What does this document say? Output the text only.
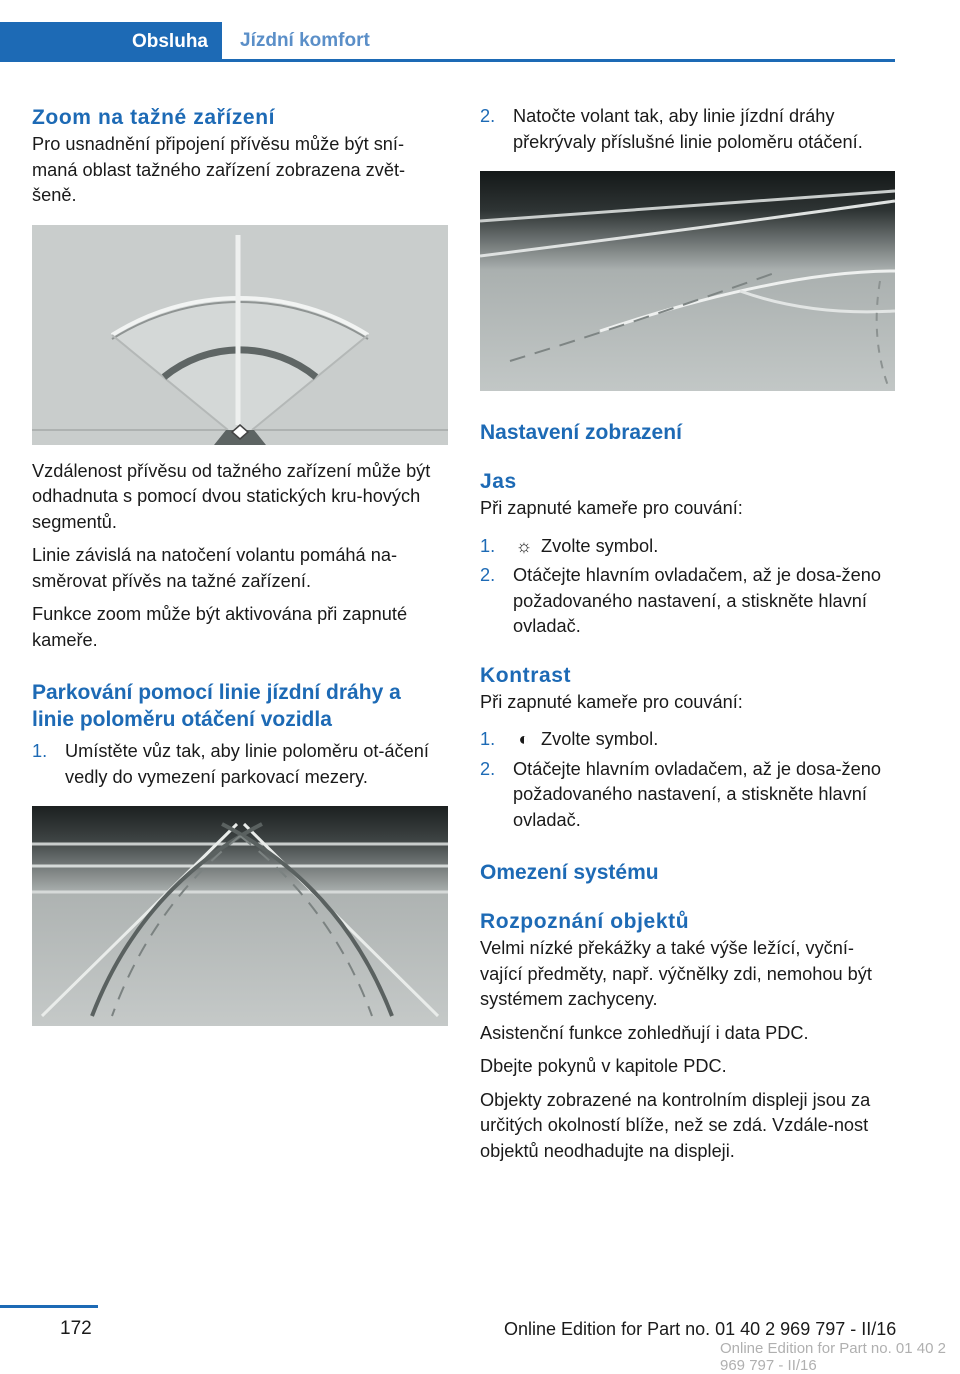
Obsluha	Jízdní komfort
Zoom na tažné zařízení

Pro usnadnění připojení přívěsu může být sní-maná oblast tažného zařízení zobrazena zvět-šeně.

Vzdálenost přívěsu od tažného zařízení může být odhadnuta s pomocí dvou statických kru-hových segmentů.

Linie závislá na natočení volantu pomáhá na-směrovat přívěs na tažné zařízení.

Funkce zoom může být aktivována při zapnuté kameře.

Parkování pomocí linie jízdní dráhy a linie poloměru otáčení vozidla
1. Umístěte vůz tak, aby linie poloměru ot-áčení vedly do vymezení parkovací mezery.
2. Natočte volant tak, aby linie jízdní dráhy překrývaly příslušné linie poloměru otáčení.
Nastavení zobrazení
Jas

Při zapnuté kameře pro couvání:

1. ☼ Zvolte symbol.
2. Otáčejte hlavním ovladačem, až je dosa-ženo požadovaného nastavení, a stiskněte hlavní ovladač.
Kontrast

Při zapnuté kameře pro couvání:

1. ◐ Zvolte symbol.
2. Otáčejte hlavním ovladačem, až je dosa-ženo požadovaného nastavení, a stiskněte hlavní ovladač.
Omezení systému
Rozpoznání objektů

Velmi nízké překážky a také výše ležící, vyční-vající předměty, např. výčnělky zdi, nemohou být systémem zachyceny.

Asistenční funkce zohledňují i data PDC.

Dbejte pokynů v kapitole PDC.

Objekty zobrazené na kontrolním displeji jsou za určitých okolností blíže, než se zdá. Vzdále-nost objektů neodhadujte na displeji.

172	Online Edition for Part no. 01 40 2 969 797 - II/16
Online Edition for Part no. 01 40 2 969 797 - II/16
